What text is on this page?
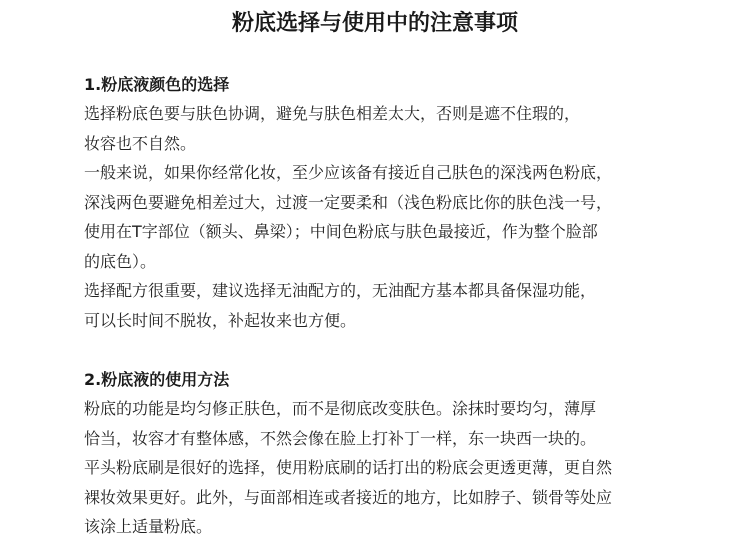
粉底选择与使用中的注意事项

1.粉底液颜色的选择

选择粉底色要与肤色协调，避免与肤色相差太大，否则是遮不住瑕的，

妆容也不自然。

一般来说，如果你经常化妆，至少应该备有接近自己肤色的深浅两色粉底，

深浅两色要避免相差过大，过渡一定要柔和（浅色粉底比你的肤色浅一号，

使用在T字部位（额头、鼻梁）；中间色粉底与肤色最接近，作为整个脸部

的底色）。

选择配方很重要，建议选择无油配方的，无油配方基本都具备保湿功能，

可以长时间不脱妆，补起妆来也方便。

2.粉底液的使用方法

粉底的功能是均匀修正肤色，而不是彻底改变肤色。涂抹时要均匀，薄厚

恰当，妆容才有整体感，不然会像在脸上打补丁一样，东一块西一块的。

平头粉底刷是很好的选择，使用粉底刷的话打出的粉底会更透更薄，更自然

裸妆效果更好。此外，与面部相连或者接近的地方，比如脖子、锁骨等处应

该涂上适量粉底。
